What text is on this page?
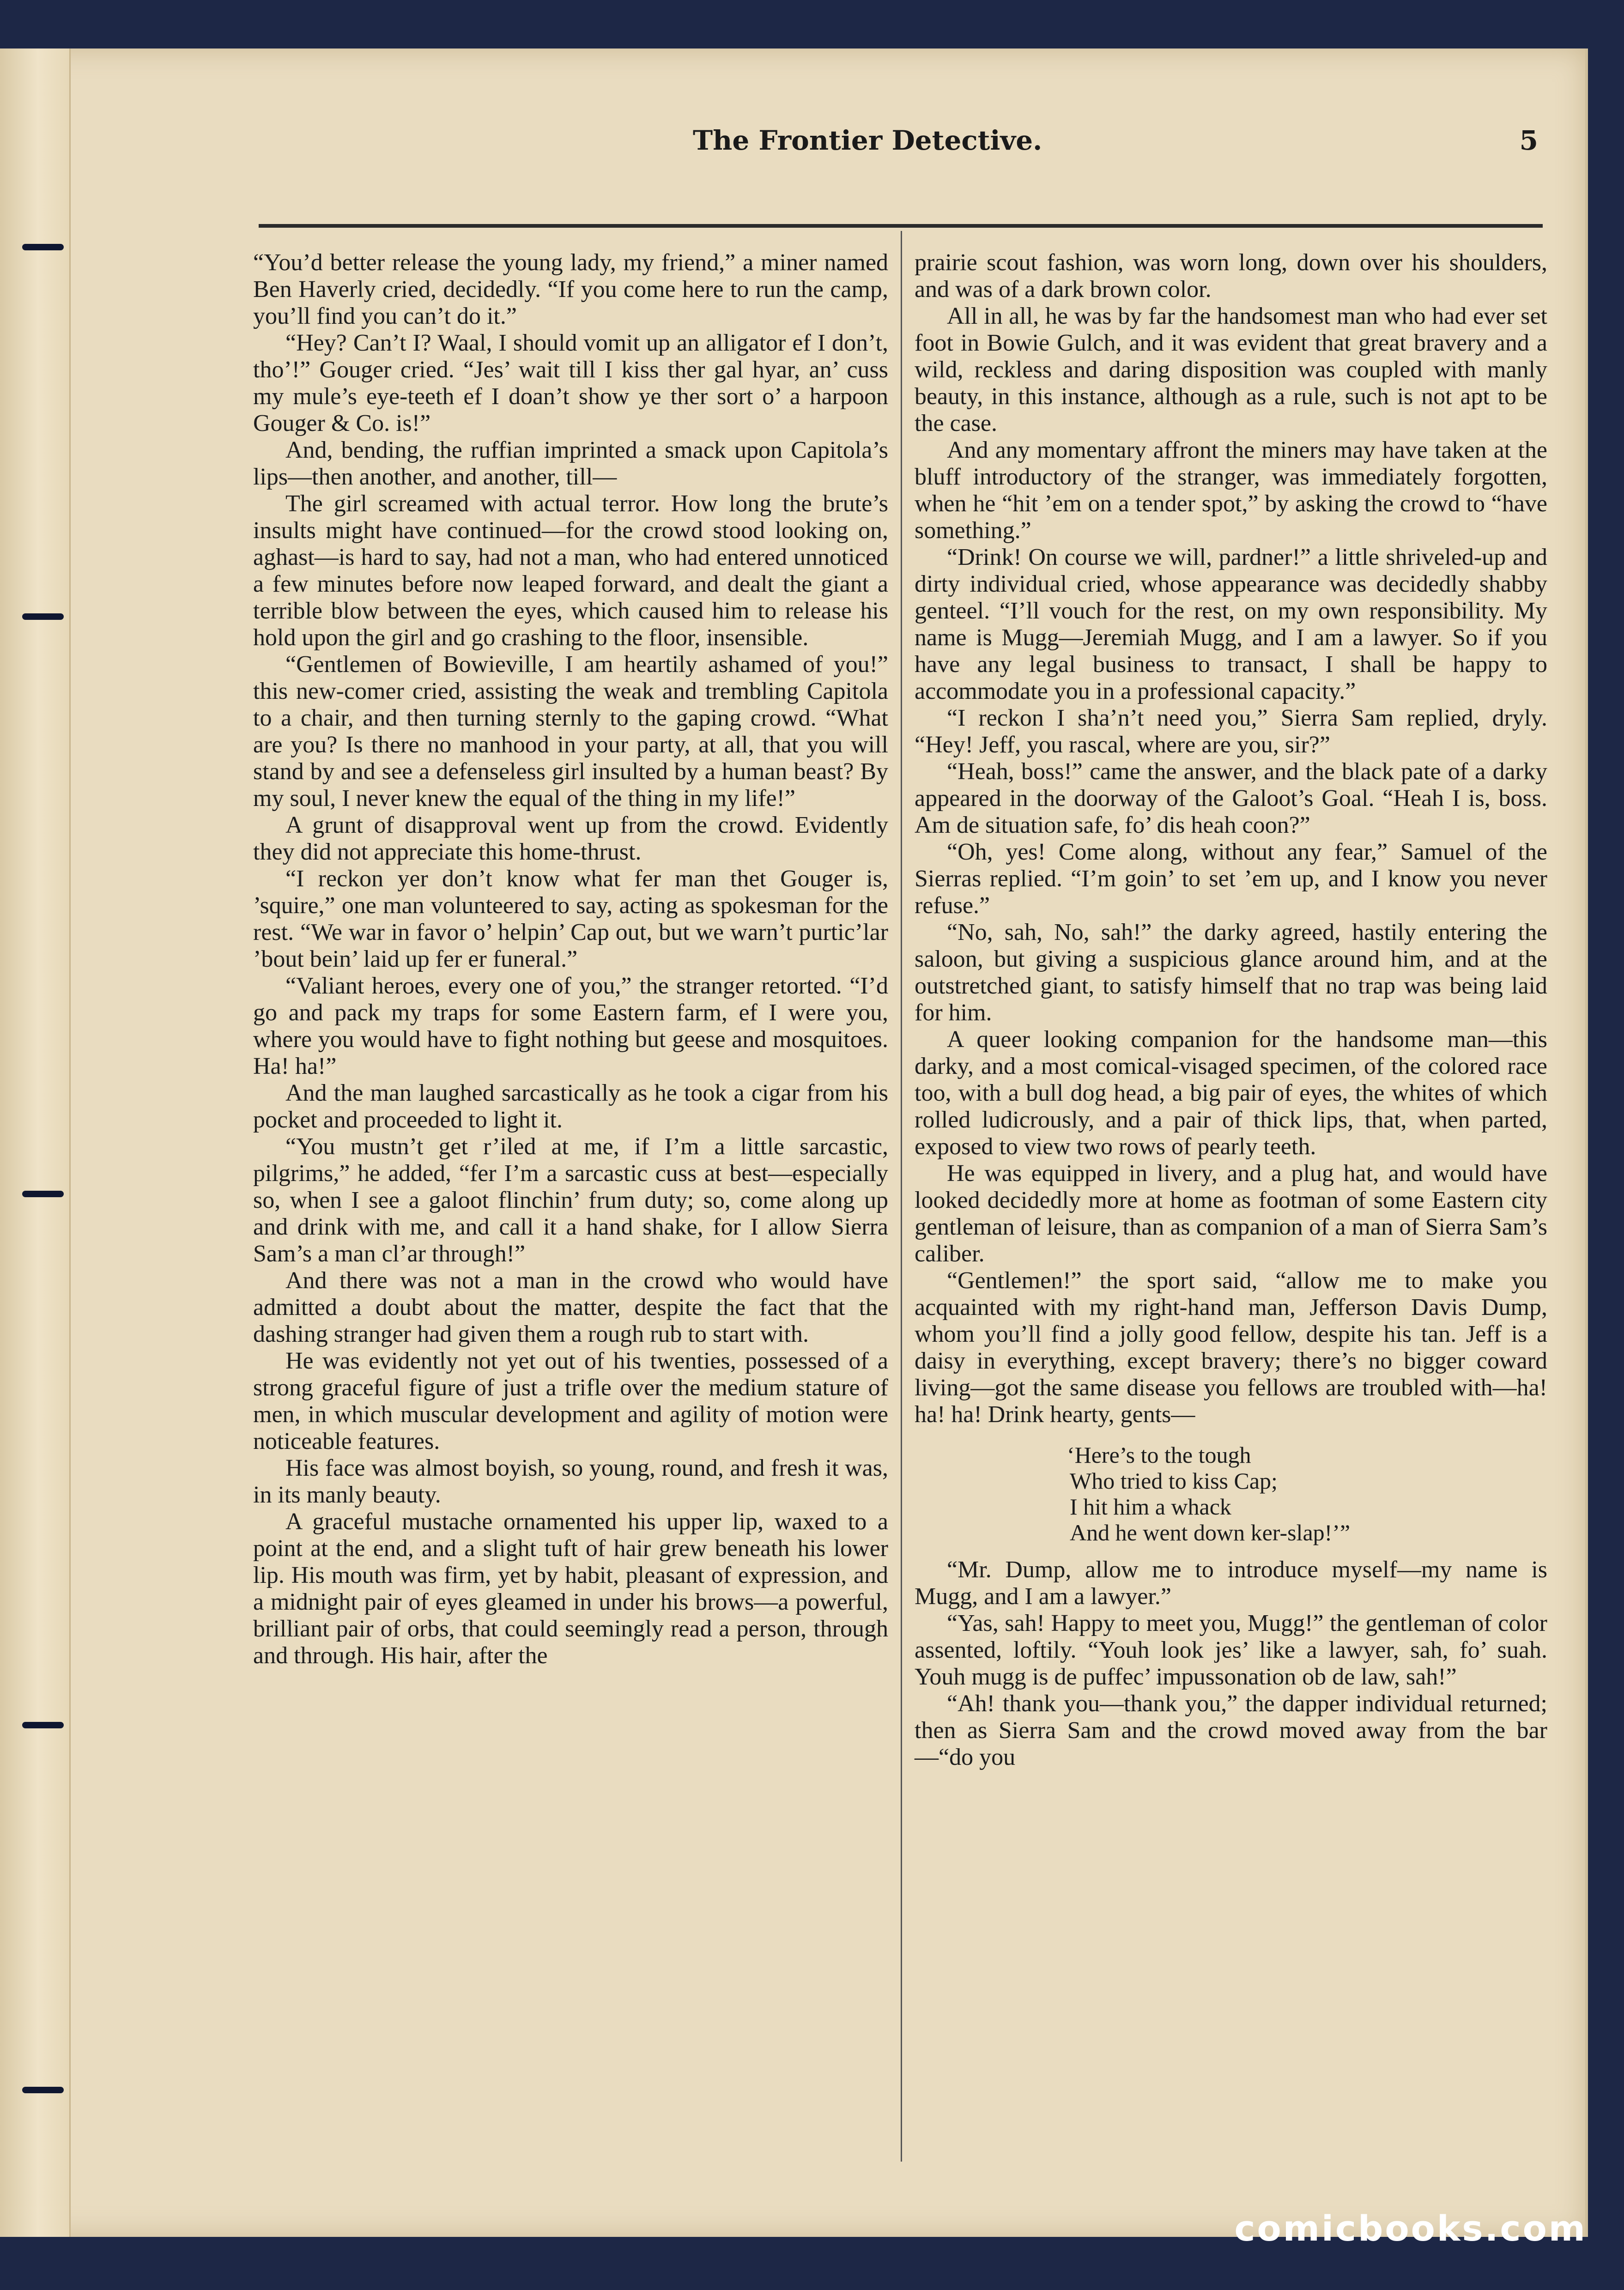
The Frontier Detective.	5

“You’d better release the young lady, my friend,” a miner named Ben Haverly cried, decidedly. “If you come here to run the camp, you’ll find you can’t do it.”

“Hey? Can’t I? Waal, I should vomit up an alligator ef I don’t, tho’!” Gouger cried. “Jes’ wait till I kiss ther gal hyar, an’ cuss my mule’s eye-teeth ef I doan’t show ye ther sort o’ a harpoon Gouger & Co. is!”

And, bending, the ruffian imprinted a smack upon Capitola’s lips—then another, and another, till—

The girl screamed with actual terror. How long the brute’s insults might have continued—for the crowd stood looking on, aghast—is hard to say, had not a man, who had entered unnoticed a few minutes before now leaped forward, and dealt the giant a terrible blow between the eyes, which caused him to release his hold upon the girl and go crashing to the floor, insensible.

“Gentlemen of Bowieville, I am heartily ashamed of you!” this new-comer cried, assisting the weak and trembling Capitola to a chair, and then turning sternly to the gaping crowd. “What are you? Is there no manhood in your party, at all, that you will stand by and see a defenseless girl insulted by a human beast? By my soul, I never knew the equal of the thing in my life!”

A grunt of disapproval went up from the crowd. Evidently they did not appreciate this home-thrust.

“I reckon yer don’t know what fer man thet Gouger is, ’squire,” one man volunteered to say, acting as spokesman for the rest. “We war in favor o’ helpin’ Cap out, but we warn’t purtic’lar ’bout bein’ laid up fer er funeral.”

“Valiant heroes, every one of you,” the stranger retorted. “I’d go and pack my traps for some Eastern farm, ef I were you, where you would have to fight nothing but geese and mosquitoes. Ha! ha!”

And the man laughed sarcastically as he took a cigar from his pocket and proceeded to light it.

“You mustn’t get r’iled at me, if I’m a little sarcastic, pilgrims,” he added, “fer I’m a sarcastic cuss at best—especially so, when I see a galoot flinchin’ frum duty; so, come along up and drink with me, and call it a hand shake, for I allow Sierra Sam’s a man cl’ar through!”

And there was not a man in the crowd who would have admitted a doubt about the matter, despite the fact that the dashing stranger had given them a rough rub to start with.

He was evidently not yet out of his twenties, possessed of a strong graceful figure of just a trifle over the medium stature of men, in which muscular development and agility of motion were noticeable features.

His face was almost boyish, so young, round, and fresh it was, in its manly beauty.

A graceful mustache ornamented his upper lip, waxed to a point at the end, and a slight tuft of hair grew beneath his lower lip. His mouth was firm, yet by habit, pleasant of expression, and a midnight pair of eyes gleamed in under his brows—a powerful, brilliant pair of orbs, that could seemingly read a person, through and through. His hair, after the

prairie scout fashion, was worn long, down over his shoulders, and was of a dark brown color.

All in all, he was by far the handsomest man who had ever set foot in Bowie Gulch, and it was evident that great bravery and a wild, reckless and daring disposition was coupled with manly beauty, in this instance, although as a rule, such is not apt to be the case.

And any momentary affront the miners may have taken at the bluff introductory of the stranger, was immediately forgotten, when he “hit ’em on a tender spot,” by asking the crowd to “have something.”

“Drink! On course we will, pardner!” a little shriveled-up and dirty individual cried, whose appearance was decidedly shabby genteel. “I’ll vouch for the rest, on my own responsibility. My name is Mugg—Jeremiah Mugg, and I am a lawyer. So if you have any legal business to transact, I shall be happy to accommodate you in a professional capacity.”

“I reckon I sha’n’t need you,” Sierra Sam replied, dryly. “Hey! Jeff, you rascal, where are you, sir?”

“Heah, boss!” came the answer, and the black pate of a darky appeared in the doorway of the Galoot’s Goal. “Heah I is, boss. Am de situation safe, fo’ dis heah coon?”

“Oh, yes! Come along, without any fear,” Samuel of the Sierras replied. “I’m goin’ to set ’em up, and I know you never refuse.”

“No, sah, No, sah!” the darky agreed, hastily entering the saloon, but giving a suspicious glance around him, and at the outstretched giant, to satisfy himself that no trap was being laid for him.

A queer looking companion for the handsome man—this darky, and a most comical-visaged specimen, of the colored race too, with a bull dog head, a big pair of eyes, the whites of which rolled ludicrously, and a pair of thick lips, that, when parted, exposed to view two rows of pearly teeth.

He was equipped in livery, and a plug hat, and would have looked decidedly more at home as footman of some Eastern city gentleman of leisure, than as companion of a man of Sierra Sam’s caliber.

“Gentlemen!” the sport said, “allow me to make you acquainted with my right-hand man, Jefferson Davis Dump, whom you’ll find a jolly good fellow, despite his tan. Jeff is a daisy in everything, except bravery; there’s no bigger coward living—got the same disease you fellows are troubled with—ha! ha! ha! Drink hearty, gents—

‘Here’s to the tough
Who tried to kiss Cap;
I hit him a whack
And he went down ker-slap!’”

“Mr. Dump, allow me to introduce myself—my name is Mugg, and I am a lawyer.”

“Yas, sah! Happy to meet you, Mugg!” the gentleman of color assented, loftily. “Youh look jes’ like a lawyer, sah, fo’ suah. Youh mugg is de puffec’ impussonation ob de law, sah!”

“Ah! thank you—thank you,” the dapper individual returned; then as Sierra Sam and the crowd moved away from the bar—“do you

comicbooks.com
